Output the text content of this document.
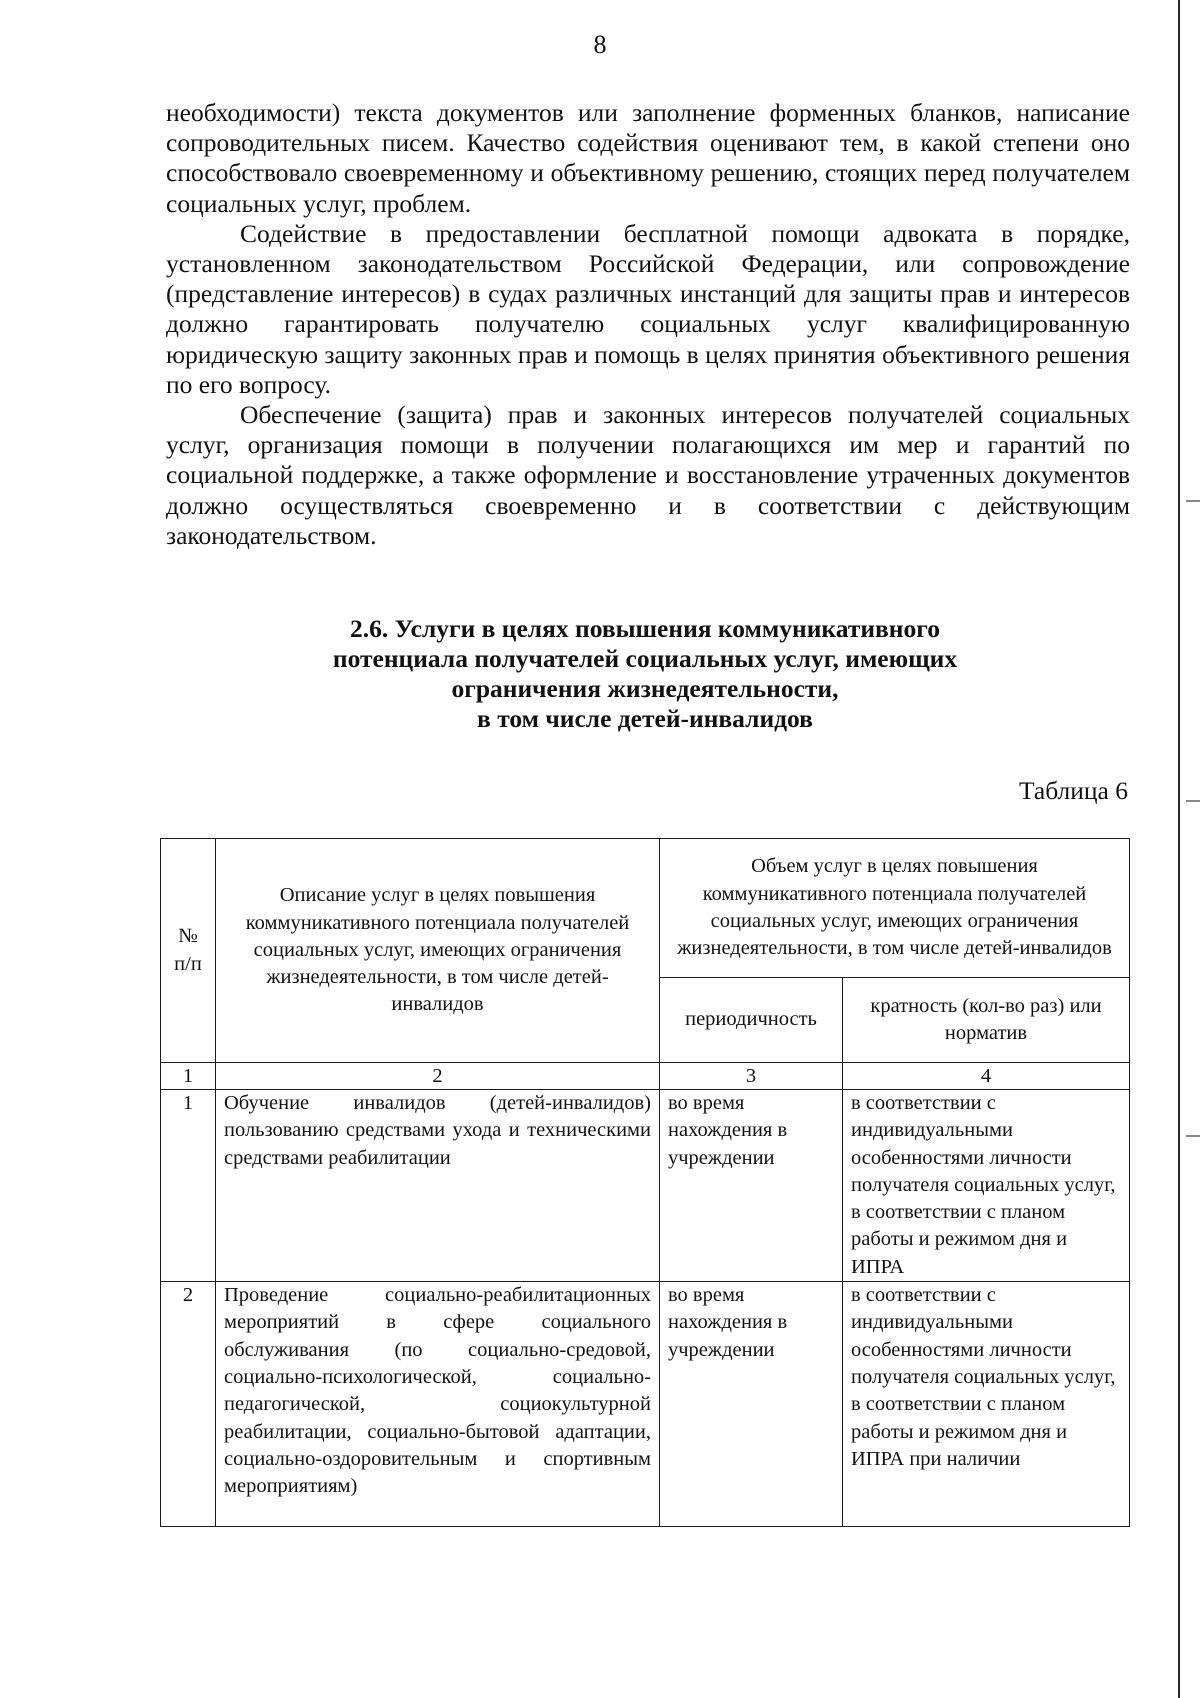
8

необходимости) текста документов или заполнение форменных бланков, написание сопроводительных писем. Качество содействия оценивают тем, в какой степени оно способствовало своевременному и объективному решению, стоящих перед получателем социальных услуг, проблем.

Содействие в предоставлении бесплатной помощи адвоката в порядке, установленном законодательством Российской Федерации, или сопровождение (представление интересов) в судах различных инстанций для защиты прав и интересов должно гарантировать получателю социальных услуг квалифицированную юридическую защиту законных прав и помощь в целях принятия объективного решения по его вопросу.

Обеспечение (защита) прав и законных интересов получателей социальных услуг, организация помощи в получении полагающихся им мер и гарантий по социальной поддержке, а также оформление и восстановление утраченных документов должно осуществляться своевременно и в соответствии с действующим законодательством.

2.6. Услуги в целях повышения коммуникативного
потенциала получателей социальных услуг, имеющих
ограничения жизнедеятельности,
в том числе детей-инвалидов
Таблица 6
№ п/п	Описание услуг в целях повышения коммуникативного потенциала получателей социальных услуг, имеющих ограничения жизнедеятельности, в том числе детей-инвалидов	Объем услуг в целях повышения коммуникативного потенциала получателей социальных услуг, имеющих ограничения жизнедеятельности, в том числе детей-инвалидов	
		периодичность	кратность (кол-во раз) или норматив
1	2	3	4
1	Обучение инвалидов (детей-инвалидов) пользованию средствами ухода и техническими средствами реабилитации	во время нахождения в учреждении	в соответствии с индивидуальными особенностями личности получателя социальных услуг, в соответствии с планом работы и режимом дня и ИПРА
2	Проведение социально-реабилитационных мероприятий в сфере социального обслуживания (по социально-средовой, социально-психологической, социально-педагогической, социокультурной реабилитации, социально-бытовой адаптации, социально-оздоровительным и спортивным мероприятиям)	во время нахождения в учреждении	в соответствии с индивидуальными особенностями личности получателя социальных услуг, в соответствии с планом работы и режимом дня и ИПРА при наличии
